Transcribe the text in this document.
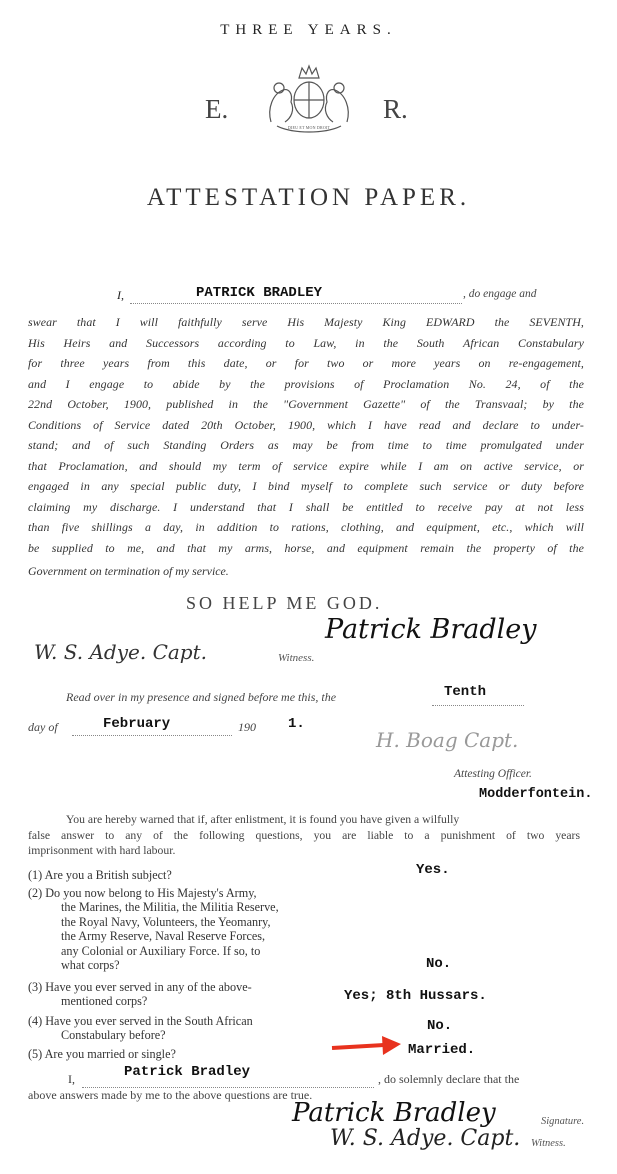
THREE YEARS.
DIEU ET MON DROIT
E.	R.
ATTESTATION PAPER.
I,	PATRICK BRADLEY	, do engage and
swear that I will faithfully serve His Majesty King EDWARD the SEVENTH,
His Heirs and Successors according to Law, in the South African Constabulary
for three years from this date, or for two or more years on re-engagement,
and I engage to abide by the provisions of Proclamation No. 24, of the
22nd October, 1900, published in the "Government Gazette" of the Transvaal; by the
Conditions of Service dated 20th October, 1900, which I have read and declare to under-
stand; and of such Standing Orders as may be from time to time promulgated under
that Proclamation, and should my term of service expire while I am on active service, or
engaged in any special public duty, I bind myself to complete such service or duty before
claiming my discharge. I understand that I shall be entitled to receive pay at not less
than five shillings a day, in addition to rations, clothing, and equipment, etc., which will
be supplied to me, and that my arms, horse, and equipment remain the property of the
Government on termination of my service.
SO HELP ME GOD.
Patrick Bradley
W. S. Adye. Capt.	Witness.
Read over in my presence and signed before me this, the	Tenth
day of	February	190 1.
H. Boag Capt.
Attesting Officer.
Modderfontein.
You are hereby warned that if, after enlistment, it is found you have given a wilfully
false answer to any of the following questions, you are liable to a punishment of two years
imprisonment with hard labour.
(1) Are you a British subject?	Yes.
(2) Do you now belong to His Majesty's Army,
the Marines, the Militia, the Militia Reserve,
the Royal Navy, Volunteers, the Yeomanry,
the Army Reserve, Naval Reserve Forces,
any Colonial or Auxiliary Force. If so, to
what corps?	No.
(3) Have you ever served in any of the above-
mentioned corps?	Yes; 8th Hussars.
(4) Have you ever served in the South African
Constabulary before?
No.
(5) Are you married or single?	Married.
I,	Patrick Bradley	, do solemnly declare that the
above answers made by me to the above questions are true.
Patrick Bradley	Signature.
W. S. Adye. Capt. Witness.
